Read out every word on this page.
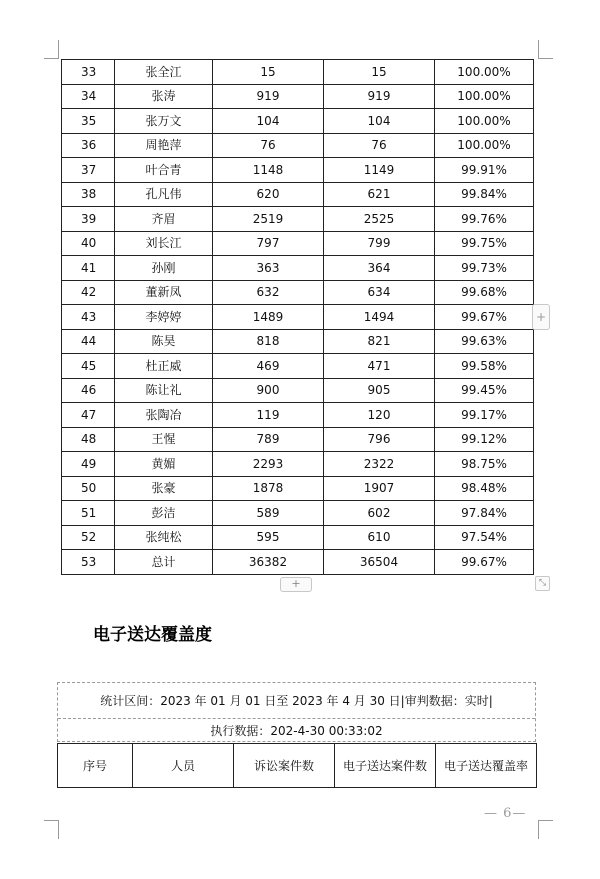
33	张全江	15	15	100.00%
34	张涛	919	919	100.00%
35	张万文	104	104	100.00%
36	周艳萍	76	76	100.00%
37	叶合青	1148	1149	99.91%
38	孔凡伟	620	621	99.84%
39	齐眉	2519	2525	99.76%
40	刘长江	797	799	99.75%
41	孙刚	363	364	99.73%
42	董新凤	632	634	99.68%
43	李婷婷	1489	1494	99.67%
44	陈昊	818	821	99.63%
45	杜正威	469	471	99.58%
46	陈让礼	900	905	99.45%
47	张陶冶	119	120	99.17%
48	王惺	789	796	99.12%
49	黄媚	2293	2322	98.75%
50	张豪	1878	1907	98.48%
51	彭洁	589	602	97.84%
52	张纯松	595	610	97.54%
53	总计	36382	36504	99.67%
+
+	⤡
电子送达覆盖度
统计区间：2023 年 01 月 01 日至 2023 年 4 月 30 日|审判数据：实时|
执行数据：202-4-30 00:33:02
序号	人员	诉讼案件数	电子送达案件数	电子送达覆盖率
— 6—
